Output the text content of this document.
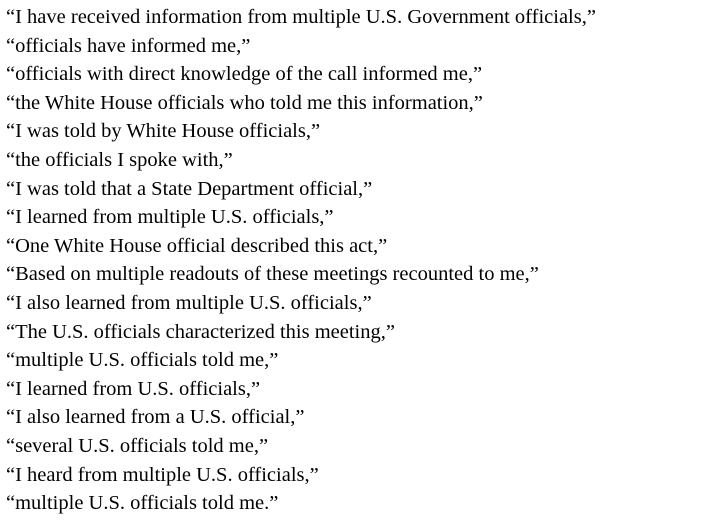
“I have received information from multiple U.S. Government officials,”

“officials have informed me,”

“officials with direct knowledge of the call informed me,”

“the White House officials who told me this information,”

“I was told by White House officials,”

“the officials I spoke with,”

“I was told that a State Department official,”

“I learned from multiple U.S. officials,”

“One White House official described this act,”

“Based on multiple readouts of these meetings recounted to me,”

“I also learned from multiple U.S. officials,”

“The U.S. officials characterized this meeting,”

“multiple U.S. officials told me,”

“I learned from U.S. officials,”

“I also learned from a U.S. official,”

“several U.S. officials told me,”

“I heard from multiple U.S. officials,”

“multiple U.S. officials told me.”
